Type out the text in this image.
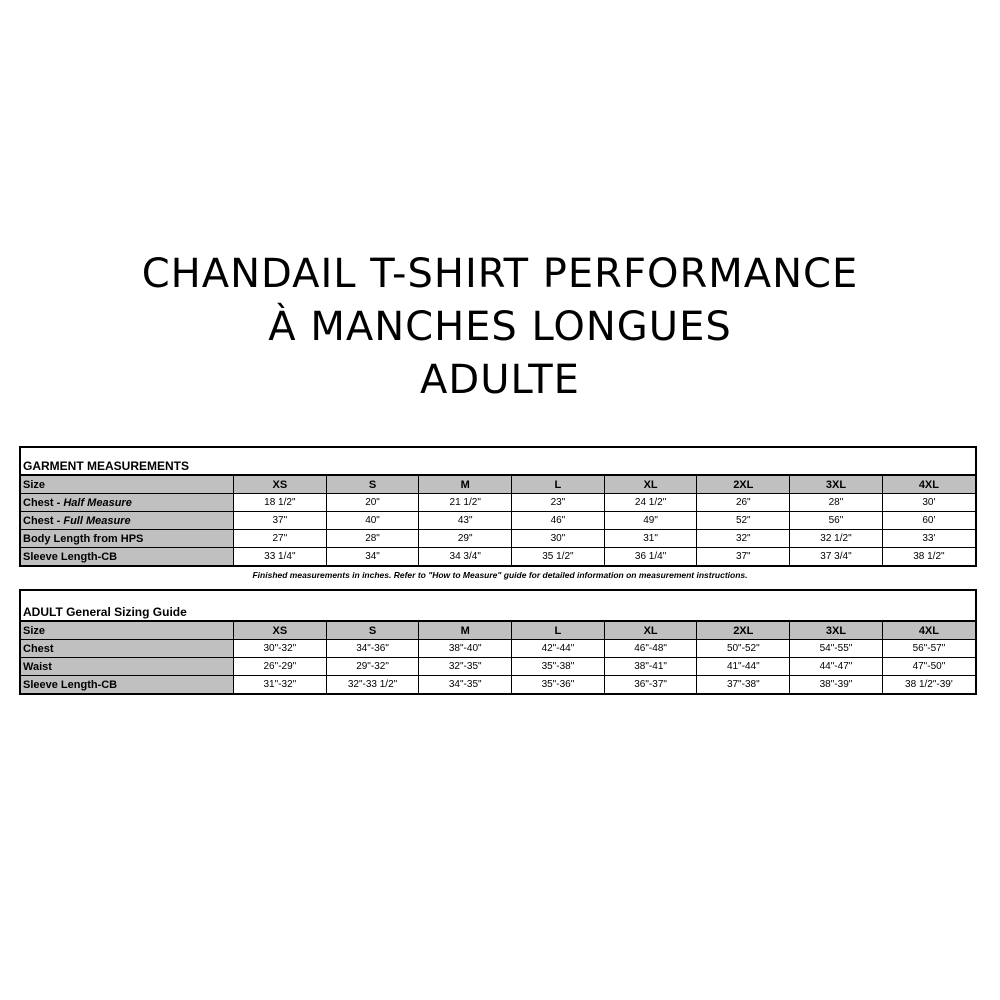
CHANDAIL T-SHIRT PERFORMANCE
À MANCHES LONGUES
ADULTE
GARMENT MEASUREMENTS
Size	XS	S	M	L	XL	2XL	3XL	4XL
Chest - Half Measure	18 1/2"	20"	21 1/2"	23"	24 1/2"	26"	28"	30'
Chest - Full Measure	37"	40"	43"	46"	49"	52"	56"	60'
Body Length from HPS	27"	28"	29"	30"	31"	32"	32 1/2"	33'
Sleeve Length-CB	33 1/4"	34"	34 3/4"	35 1/2"	36 1/4"	37"	37 3/4"	38 1/2"
Finished measurements in inches. Refer to "How to Measure" guide for detailed information on measurement instructions.
ADULT General Sizing Guide
Size	XS	S	M	L	XL	2XL	3XL	4XL
Chest	30"-32"	34"-36"	38"-40"	42"-44"	46"-48"	50"-52"	54"-55"	56"-57"
Waist	26"-29"	29"-32"	32"-35"	35"-38"	38"-41"	41"-44"	44"-47"	47"-50"
Sleeve Length-CB	31"-32"	32"-33 1/2"	34"-35"	35"-36"	36"-37"	37"-38"	38"-39"	38 1/2"-39'
